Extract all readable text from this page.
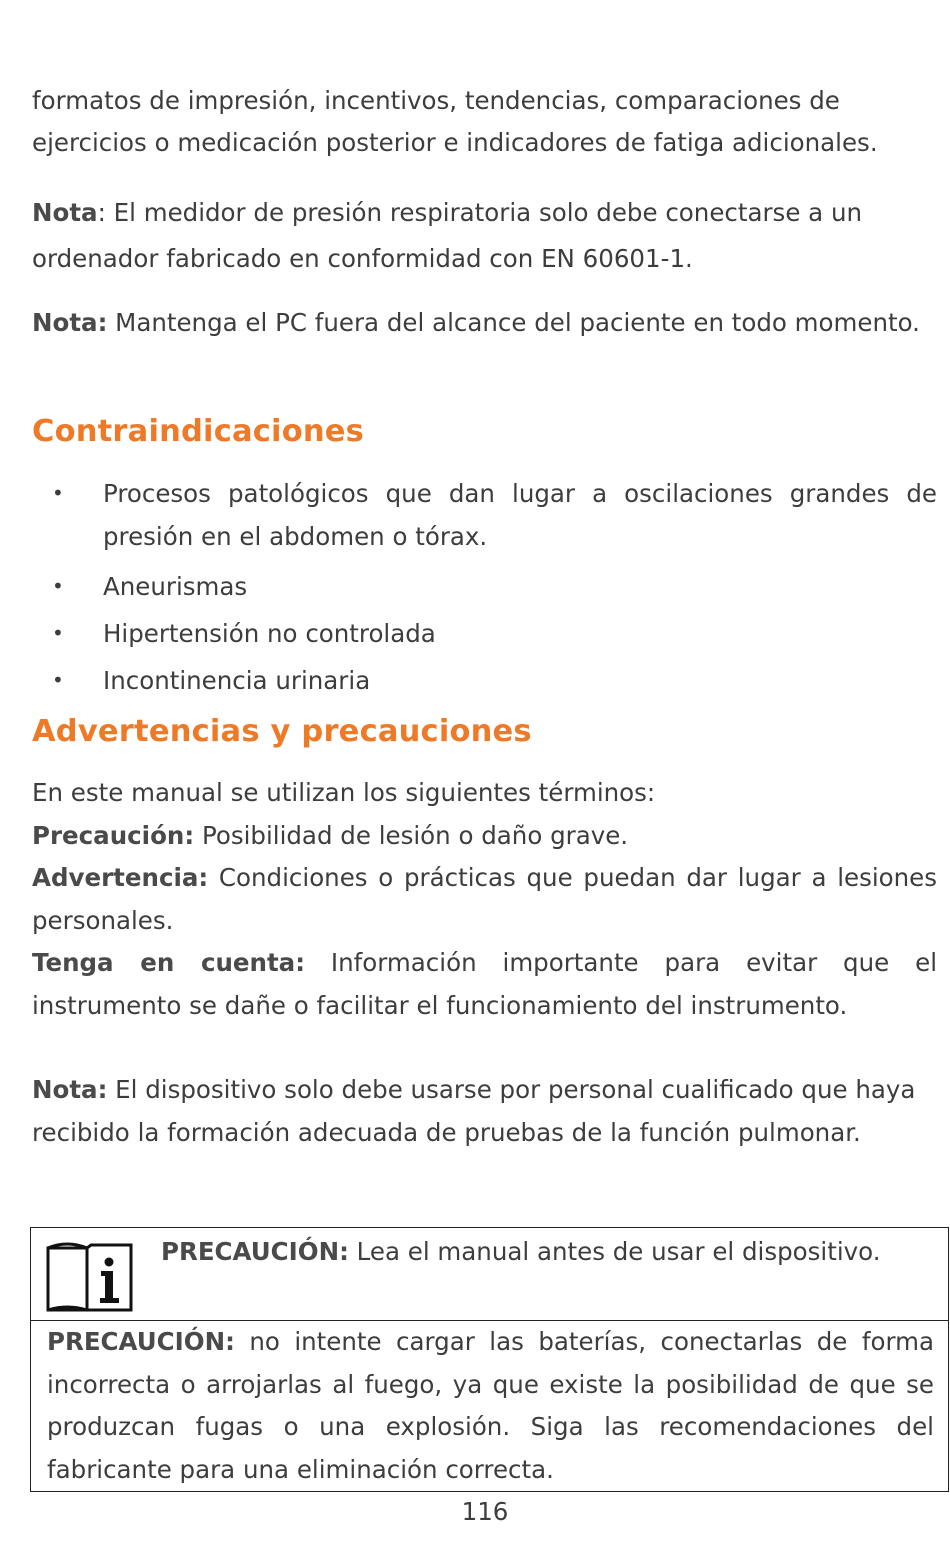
formatos de impresión, incentivos, tendencias, comparaciones de ejercicios o medicación posterior e indicadores de fatiga adicionales.

Nota: El medidor de presión respiratoria solo debe conectarse a un ordenador fabricado en conformidad con EN 60601-1.

Nota: Mantenga el PC fuera del alcance del paciente en todo momento.

Contraindicaciones
• Procesos patológicos que dan lugar a oscilaciones grandes de presión en el abdomen o tórax.
• Aneurismas
• Hipertensión no controlada
• Incontinencia urinaria
Advertencias y precauciones

En este manual se utilizan los siguientes términos:

Precaución: Posibilidad de lesión o daño grave.

Advertencia: Condiciones o prácticas que puedan dar lugar a lesiones personales.

Tenga en cuenta: Información importante para evitar que el instrumento se dañe o facilitar el funcionamiento del instrumento.

Nota: El dispositivo solo debe usarse por personal cualificado que haya recibido la formación adecuada de pruebas de la función pulmonar.

PRECAUCIÓN: Lea el manual antes de usar el dispositivo.

PRECAUCIÓN: no intente cargar las baterías, conectarlas de forma incorrecta o arrojarlas al fuego, ya que existe la posibilidad de que se produzcan fugas o una explosión. Siga las recomendaciones del fabricante para una eliminación correcta.

116
